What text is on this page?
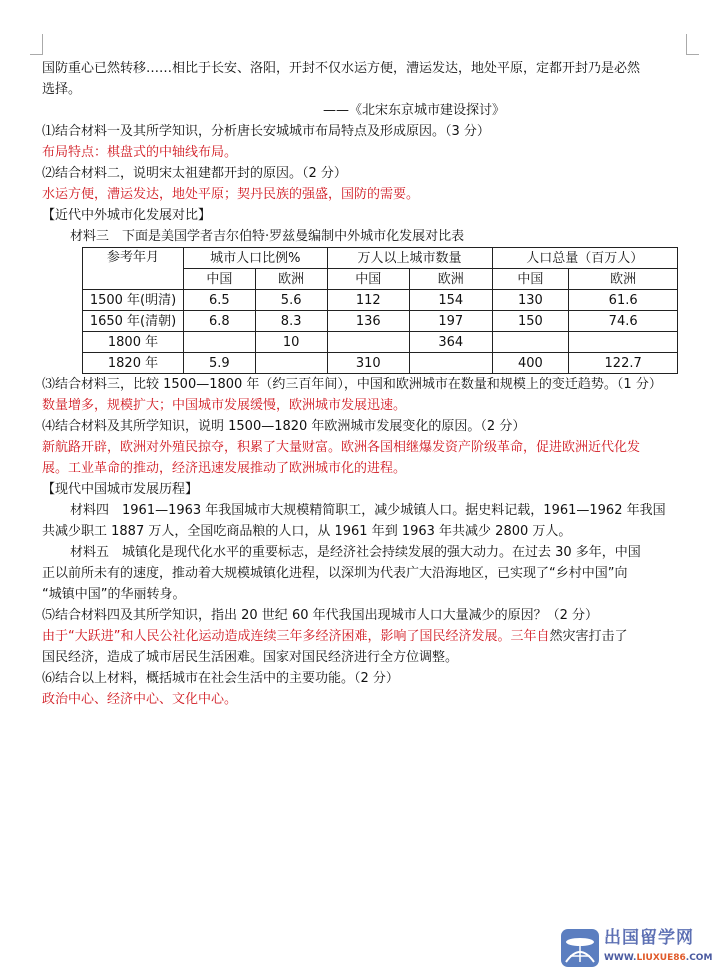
国防重心已然转移……相比于长安、洛阳，开封不仅水运方便，漕运发达，地处平原，定都开封乃是必然
选择。
——《北宋东京城市建设探讨》
⑴结合材料一及其所学知识，分析唐长安城城市布局特点及形成原因。（3 分）
布局特点：棋盘式的中轴线布局。
⑵结合材料二，说明宋太祖建都开封的原因。（2 分）
水运方便，漕运发达，地处平原；契丹民族的强盛，国防的需要。
【近代中外城市化发展对比】
材料三　下面是美国学者吉尔伯特·罗兹曼编制中外城市化发展对比表
参考年月	城市人口比例%		万人以上城市数量		人口总量（百万人）	
	中国	欧洲	中国	欧洲	中国	欧洲
1500 年(明清)	6.5	5.6	112	154	130	61.6
1650 年(清朝)	6.8	8.3	136	197	150	74.6
1800 年		10		364		
1820 年	5.9		310		400	122.7
⑶结合材料三，比较 1500—1800 年（约三百年间），中国和欧洲城市在数量和规模上的变迁趋势。（1 分）
数量增多，规模扩大；中国城市发展缓慢，欧洲城市发展迅速。
⑷结合材料及其所学知识，说明 1500—1820 年欧洲城市发展变化的原因。（2 分）
新航路开辟，欧洲对外殖民掠夺，积累了大量财富。欧洲各国相继爆发资产阶级革命，促进欧洲近代化发
展。工业革命的推动，经济迅速发展推动了欧洲城市化的进程。
【现代中国城市发展历程】
材料四　1961—1963 年我国城市大规模精简职工，减少城镇人口。据史料记载，1961—1962 年我国
共减少职工 1887 万人，全国吃商品粮的人口，从 1961 年到 1963 年共减少 2800 万人。
材料五　城镇化是现代化水平的重要标志，是经济社会持续发展的强大动力。在过去 30 多年，中国
正以前所未有的速度，推动着大规模城镇化进程，以深圳为代表广大沿海地区，已实现了“乡村中国”向
“城镇中国”的华丽转身。
⑸结合材料四及其所学知识，指出 20 世纪 60 年代我国出现城市人口大量减少的原因？（2 分）
由于“大跃进”和人民公社化运动造成连续三年多经济困难，影响了国民经济发展。三年自然灾害打击了
国民经济，造成了城市居民生活困难。国家对国民经济进行全方位调整。
⑹结合以上材料，概括城市在社会生活中的主要功能。（2 分）
政治中心、经济中心、文化中心。
出国留学网
WWW.LIUXUE86.COM
